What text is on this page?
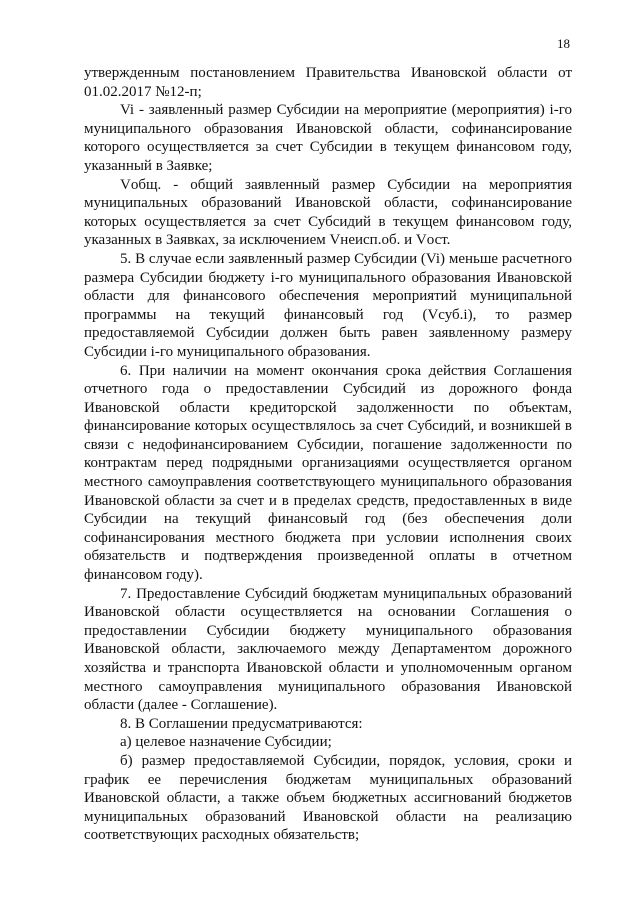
18

утвержденным постановлением Правительства Ивановской области от 01.02.2017 №12-п;

Vi - заявленный размер Субсидии на мероприятие (мероприятия) i-го муниципального образования Ивановской области, софинансирование которого осуществляется за счет Субсидии в текущем финансовом году, указанный в Заявке;

Vобщ. - общий заявленный размер Субсидии на мероприятия муниципальных образований Ивановской области, софинансирование которых осуществляется за счет Субсидий в текущем финансовом году, указанных в Заявках, за исключением Vнеисп.об. и Vост.

5. В случае если заявленный размер Субсидии (Vi) меньше расчетного размера Субсидии бюджету i-го муниципального образования Ивановской области для финансового обеспечения мероприятий муниципальной программы на текущий финансовый год (Vсуб.i), то размер предоставляемой Субсидии должен быть равен заявленному размеру Субсидии i-го муниципального образования.

6. При наличии на момент окончания срока действия Соглашения отчетного года о предоставлении Субсидий из дорожного фонда Ивановской области кредиторской задолженности по объектам, финансирование которых осуществлялось за счет Субсидий, и возникшей в связи с недофинансированием Субсидии, погашение задолженности по контрактам перед подрядными организациями осуществляется органом местного самоуправления соответствующего муниципального образования Ивановской области за счет и в пределах средств, предоставленных в виде Субсидии на текущий финансовый год (без обеспечения доли софинансирования местного бюджета при условии исполнения своих обязательств и подтверждения произведенной оплаты в отчетном финансовом году).

7. Предоставление Субсидий бюджетам муниципальных образований Ивановской области осуществляется на основании Соглашения о предоставлении Субсидии бюджету муниципального образования Ивановской области, заключаемого между Департаментом дорожного хозяйства и транспорта Ивановской области и уполномоченным органом местного самоуправления муниципального образования Ивановской области (далее - Соглашение).

8. В Соглашении предусматриваются:

а) целевое назначение Субсидии;

б) размер предоставляемой Субсидии, порядок, условия, сроки и график ее перечисления бюджетам муниципальных образований Ивановской области, а также объем бюджетных ассигнований бюджетов муниципальных образований Ивановской области на реализацию соответствующих расходных обязательств;
